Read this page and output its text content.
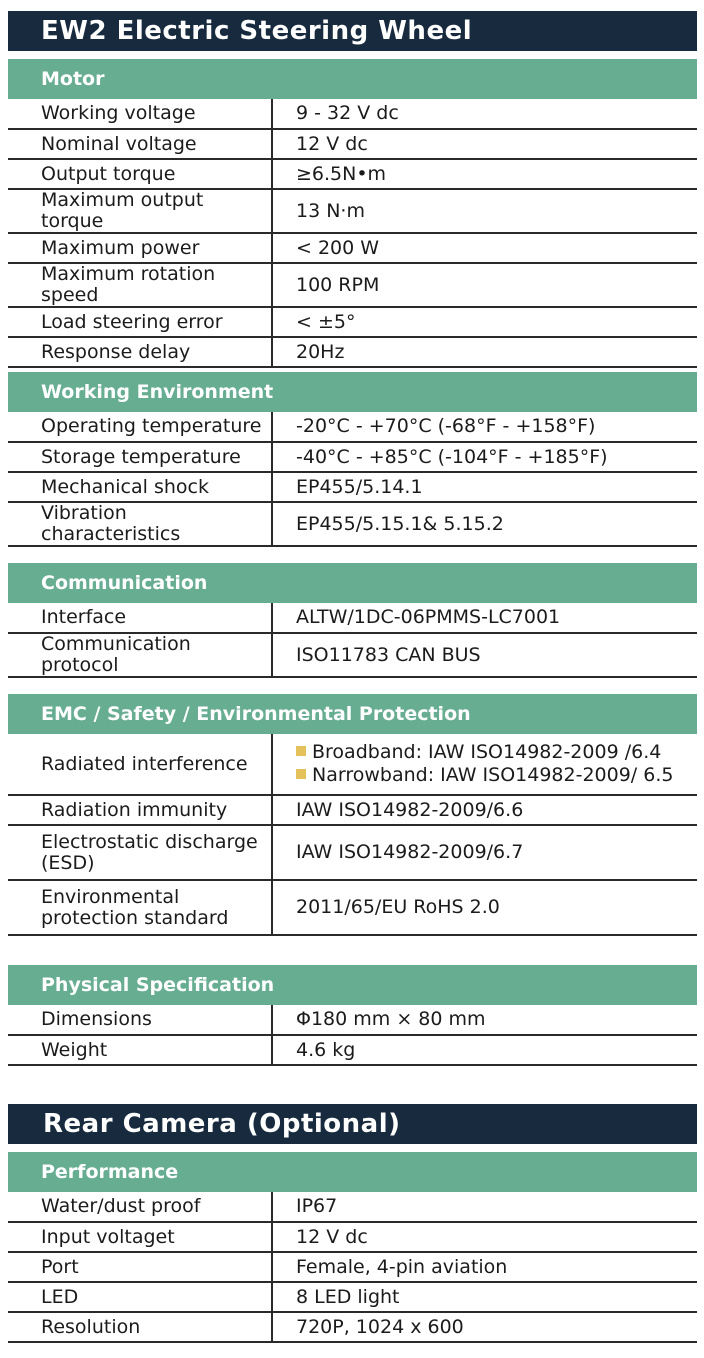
EW2 Electric Steering Wheel
Motor
Working voltage	9 - 32 V dc
Nominal voltage	12 V dc
Output torque	≥6.5N•m
Maximum output torque	13 N·m
Maximum power	< 200 W
Maximum rotation speed	100 RPM
Load steering error	< ±5°
Response delay	20Hz
Working Environment
Operating temperature	-20°C - +70°C (-68°F - +158°F)
Storage temperature	-40°C - +85°C (-104°F - +185°F)
Mechanical shock	EP455/5.14.1
Vibration characteristics	EP455/5.15.1& 5.15.2
Communication
Interface	ALTW/1DC-06PMMS-LC7001
Communication protocol	ISO11783 CAN BUS
EMC / Safety / Environmental Protection
Radiated interference	Broadband: IAW ISO14982-2009 /6.4
Narrowband: IAW ISO14982-2009/ 6.5

Radiation immunity	IAW ISO14982-2009/6.6

Electrostatic discharge
(ESD)	IAW ISO14982-2009/6.7

Environmental
protection standard	2011/65/EU RoHS 2.0
Physical Specification
Dimensions	Φ180 mm × 80 mm
Weight	4.6 kg
Rear Camera (Optional)
Performance
Water/dust proof	IP67
Input voltaget	12 V dc
Port	Female, 4-pin aviation
LED	8 LED light
Resolution	720P, 1024 x 600
